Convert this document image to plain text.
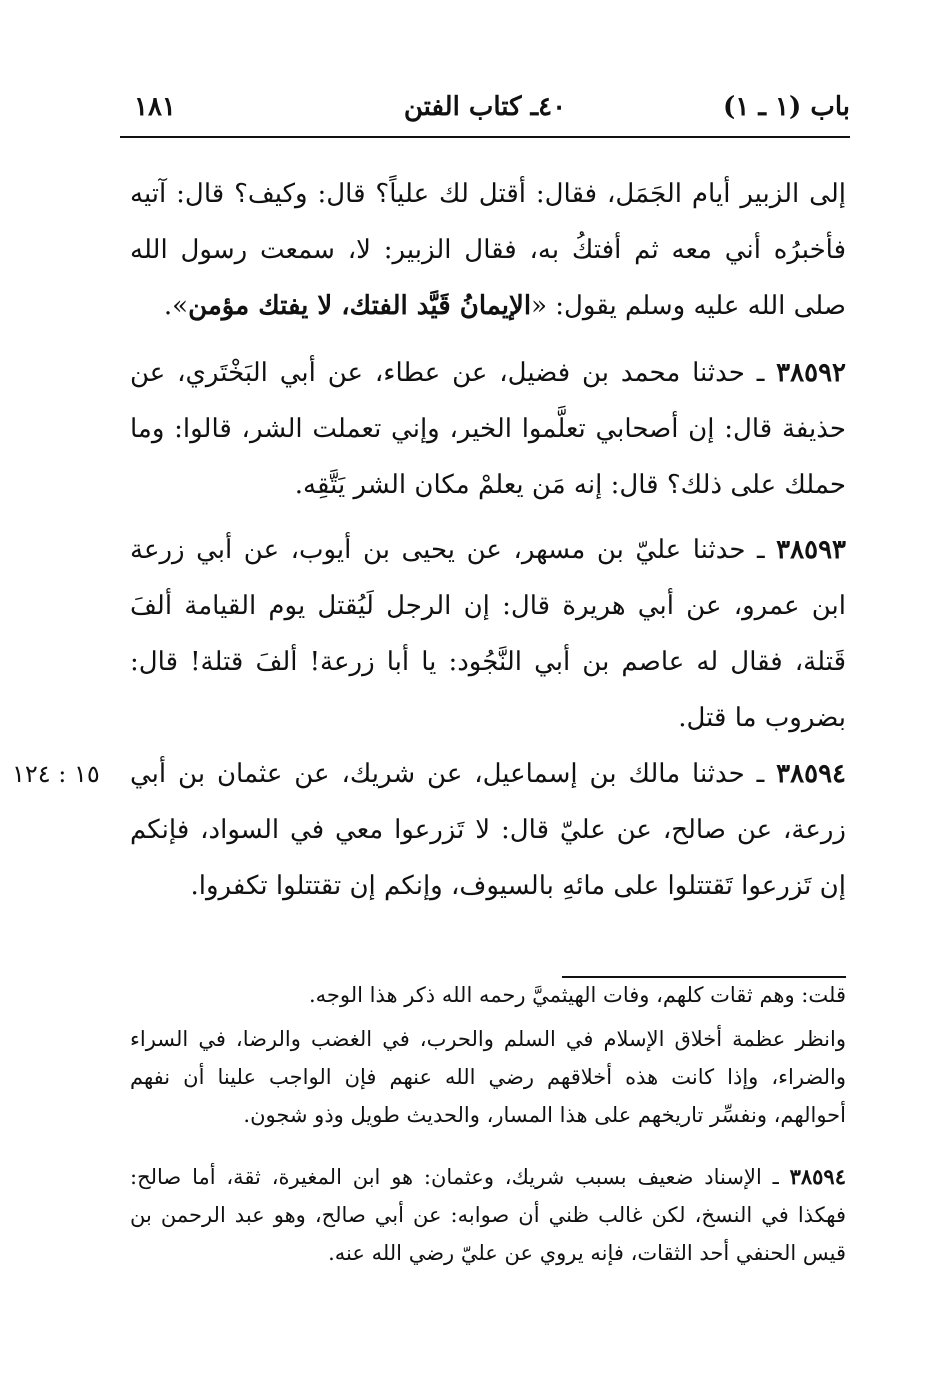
باب (١ ـ ١)
٤٠ـ كتاب الفتن
١٨١

إلى الزبير أيام الجَمَل، فقال: أقتل لك علياً؟ قال: وكيف؟ قال: آتيه فأخبرُه أني معه ثم أفتكُ به، فقال الزبير: لا، سمعت رسول الله صلى الله عليه وسلم يقول: «الإيمانُ قَيَّد الفتك، لا يفتك مؤمن».

٣٨٥٩٢ ـ حدثنا محمد بن فضيل، عن عطاء، عن أبي البَخْتَري، عن حذيفة قال: إن أصحابي تعلَّموا الخير، وإني تعملت الشر، قالوا: وما حملك على ذلك؟ قال: إنه مَن يعلمْ مكان الشر يَتَّقِه.

٣٨٥٩٣ ـ حدثنا عليّ بن مسهر، عن يحيى بن أيوب، عن أبي زرعة ابن عمرو، عن أبي هريرة قال: إن الرجل لَيُقتل يوم القيامة ألفَ قَتلة، فقال له عاصم بن أبي النَّجُود: يا أبا زرعة! ألفَ قتلة! قال: بضروب ما قتل.

٣٨٥٩٤ ـ حدثنا مالك بن إسماعيل، عن شريك، عن عثمان بن أبي زرعة، عن صالح، عن عليّ قال: لا تَزرعوا معي في السواد، فإنكم إن تَزرعوا تَقتتلوا على مائهِ بالسيوف، وإنكم إن تقتتلوا تكفروا.

١٥ : ١٢٤

قلت: وهم ثقات كلهم، وفات الهيثميَّ رحمه الله ذكر هذا الوجه.

وانظر عظمة أخلاق الإسلام في السلم والحرب، في الغضب والرضا، في السراء والضراء، وإذا كانت هذه أخلاقهم رضي الله عنهم فإن الواجب علينا أن نفهم أحوالهم، ونفسِّر تاريخهم على هذا المسار، والحديث طويل وذو شجون.

٣٨٥٩٤ ـ الإسناد ضعيف بسبب شريك، وعثمان: هو ابن المغيرة، ثقة، أما صالح: فهكذا في النسخ، لكن غالب ظني أن صوابه: عن أبي صالح، وهو عبد الرحمن بن قيس الحنفي أحد الثقات، فإنه يروي عن عليّ رضي الله عنه.
